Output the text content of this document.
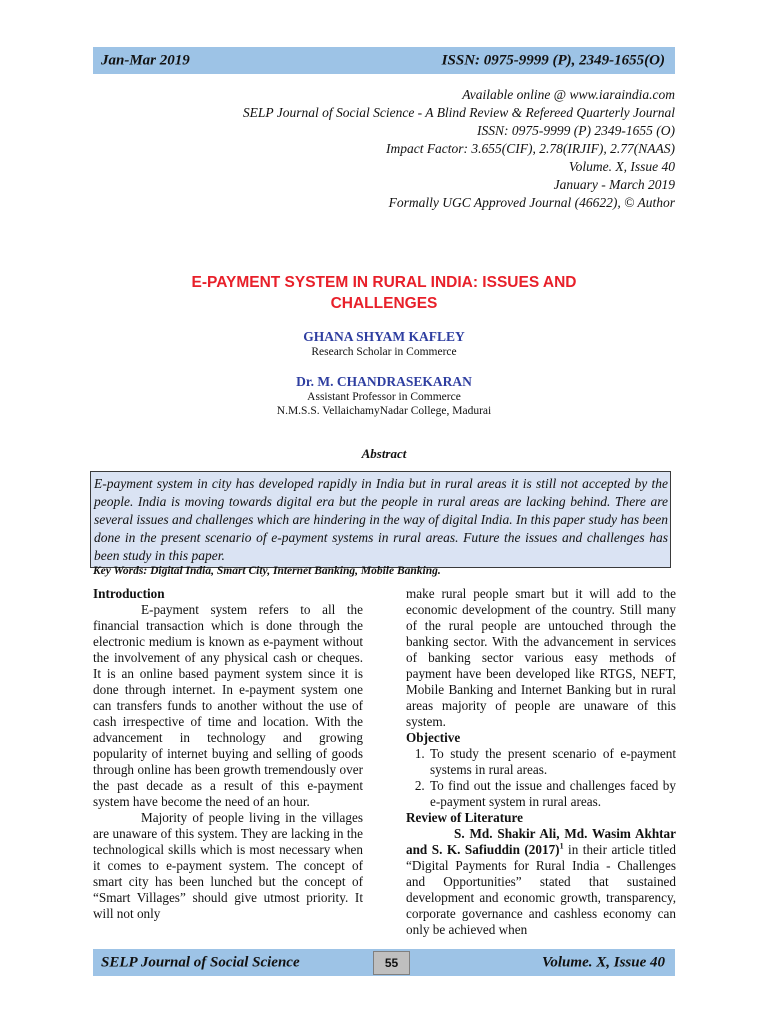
Jan-Mar 2019	ISSN: 0975-9999 (P), 2349-1655(O)
Available online @ www.iaraindia.com
SELP Journal of Social Science - A Blind Review & Refereed Quarterly Journal
ISSN: 0975-9999 (P) 2349-1655 (O)
Impact Factor: 3.655(CIF), 2.78(IRJIF), 2.77(NAAS)
Volume. X, Issue 40
January - March 2019
Formally UGC Approved Journal (46622), © Author
E-PAYMENT SYSTEM IN RURAL INDIA: ISSUES AND
CHALLENGES
GHANA SHYAM KAFLEY
Research Scholar in Commerce
Dr. M. CHANDRASEKARAN
Assistant Professor in Commerce
N.M.S.S. VellaichamyNadar College, Madurai
Abstract

E-payment system in city has developed rapidly in India but in rural areas it is still not accepted by the people. India is moving towards digital era but the people in rural areas are lacking behind. There are several issues and challenges which are hindering in the way of digital India. In this paper study has been done in the present scenario of e-payment systems in rural areas. Future the issues and challenges has been study in this paper.

Key Words: Digital India, Smart City, Internet Banking, Mobile Banking.
Introduction

E-payment system refers to all the financial transaction which is done through the electronic medium is known as e-payment without the involvement of any physical cash or cheques. It is an online based payment system since it is done through internet. In e-payment system one can transfers funds to another without the use of cash irrespective of time and location. With the advancement in technology and growing popularity of internet buying and selling of goods through online has been growth tremendously over the past decade as a result of this e-payment system have become the need of an hour.

Majority of people living in the villages are unaware of this system. They are lacking in the technological skills which is most necessary when it comes to e-payment system. The concept of smart city has been lunched but the concept of “Smart Villages” should give utmost priority. It will not only

make rural people smart but it will add to the economic development of the country. Still many of the rural people are untouched through the banking sector. With the advancement in services of banking sector various easy methods of payment have been developed like RTGS, NEFT, Mobile Banking and Internet Banking but in rural areas majority of people are unaware of this system.

Objective
1. To study the present scenario of e-payment systems in rural areas.
2. To find out the issue and challenges faced by e-payment system in rural areas.
Review of Literature

S. Md. Shakir Ali, Md. Wasim Akhtar and S. K. Safiuddin $(2017)^1$ in their article titled “Digital Payments for Rural India - Challenges and Opportunities” stated that sustained development and economic growth, transparency, corporate governance and cashless economy can only be achieved when

SELP Journal of Social Science	55	Volume. X, Issue 40
